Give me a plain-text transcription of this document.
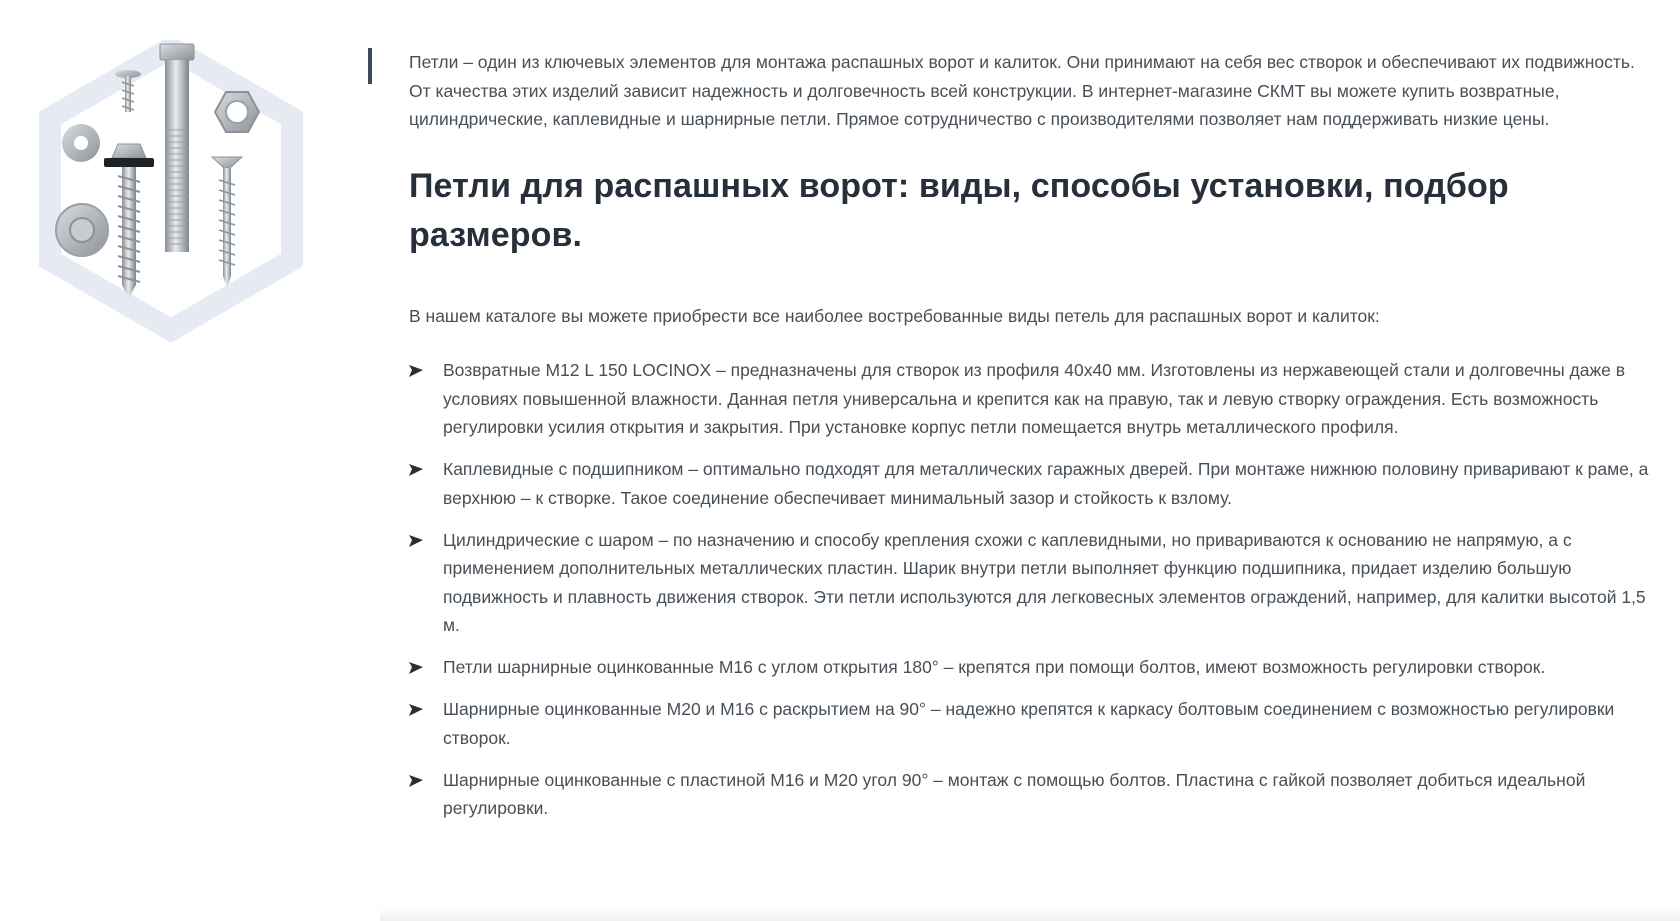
Петли – один из ключевых элементов для монтажа распашных ворот и калиток. Они принимают на себя вес створок и обеспечивают их подвижность. От качества этих изделий зависит надежность и долговечность всей конструкции. В интернет-магазине СКМТ вы можете купить возвратные, цилиндрические, каплевидные и шарнирные петли. Прямое сотрудничество с производителями позволяет нам поддерживать низкие цены.

Петли для распашных ворот: виды, способы установки, подбор размеров.

В нашем каталоге вы можете приобрести все наиболее востребованные виды петель для распашных ворот и калиток:

Возвратные M12 L 150 LOCINOX – предназначены для створок из профиля 40х40 мм. Изготовлены из нержавеющей стали и долговечны даже в условиях повышенной влажности. Данная петля универсальна и крепится как на правую, так и левую створку ограждения. Есть возможность регулировки усилия открытия и закрытия. При установке корпус петли помещается внутрь металлического профиля.
Каплевидные с подшипником – оптимально подходят для металлических гаражных дверей. При монтаже нижнюю половину приваривают к раме, а верхнюю – к створке. Такое соединение обеспечивает минимальный зазор и стойкость к взлому.
Цилиндрические с шаром – по назначению и способу крепления схожи с каплевидными, но привариваются к основанию не напрямую, а с применением дополнительных металлических пластин. Шарик внутри петли выполняет функцию подшипника, придает изделию большую подвижность и плавность движения створок. Эти петли используются для легковесных элементов ограждений, например, для калитки высотой 1,5 м.
Петли шарнирные оцинкованные M16 с углом открытия 180° – крепятся при помощи болтов, имеют возможность регулировки створок.
Шарнирные оцинкованные М20 и М16 с раскрытием на 90° – надежно крепятся к каркасу болтовым соединением с возможностью регулировки створок.
Шарнирные оцинкованные с пластиной М16 и М20 угол 90° – монтаж с помощью болтов. Пластина с гайкой позволяет добиться идеальной регулировки.
